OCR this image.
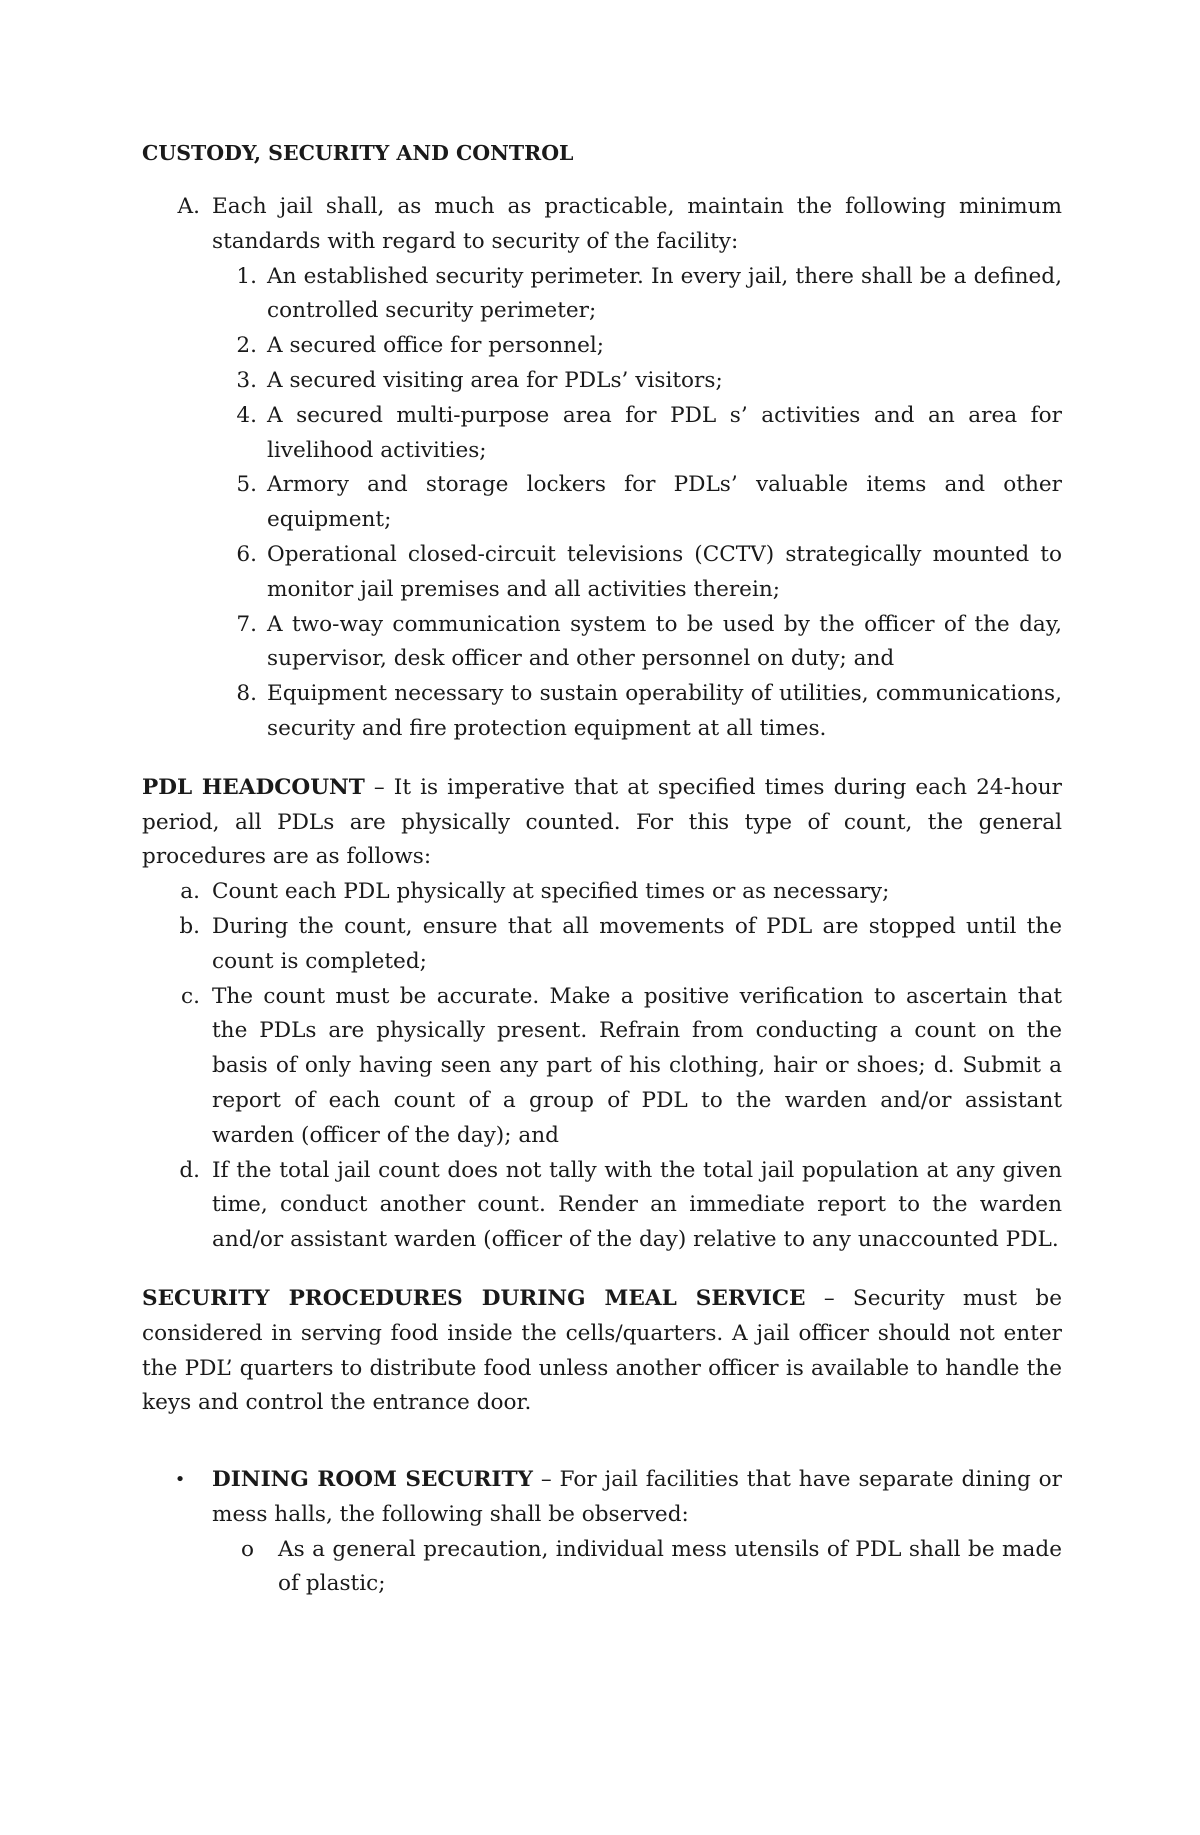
CUSTODY, SECURITY AND CONTROL
A. Each jail shall, as much as practicable, maintain the following minimum standards with regard to security of the facility:
1. An established security perimeter. In every jail, there shall be a defined, controlled security perimeter;
2. A secured office for personnel;
3. A secured visiting area for PDLs’ visitors;
4. A secured multi-purpose area for PDL s’ activities and an area for livelihood activities;
5. Armory and storage lockers for PDLs’ valuable items and other equipment;
6. Operational closed-circuit televisions (CCTV) strategically mounted to monitor jail premises and all activities therein;
7. A two-way communication system to be used by the officer of the day, supervisor, desk officer and other personnel on duty; and
8. Equipment necessary to sustain operability of utilities, communications, security and fire protection equipment at all times.
PDL HEADCOUNT – It is imperative that at specified times during each 24-hour period, all PDLs are physically counted. For this type of count, the general procedures are as follows:
a. Count each PDL physically at specified times or as necessary;
b. During the count, ensure that all movements of PDL are stopped until the count is completed;
c. The count must be accurate. Make a positive verification to ascertain that the PDLs are physically present. Refrain from conducting a count on the basis of only having seen any part of his clothing, hair or shoes; d. Submit a report of each count of a group of PDL to the warden and/or assistant warden (officer of the day); and
d. If the total jail count does not tally with the total jail population at any given time, conduct another count. Render an immediate report to the warden and/or assistant warden (officer of the day) relative to any unaccounted PDL.
SECURITY PROCEDURES DURING MEAL SERVICE – Security must be considered in serving food inside the cells/quarters. A jail officer should not enter the PDL’ quarters to distribute food unless another officer is available to handle the keys and control the entrance door.
•	DINING ROOM SECURITY – For jail facilities that have separate dining or mess halls, the following shall be observed:
o	As a general precaution, individual mess utensils of PDL shall be made of plastic;
